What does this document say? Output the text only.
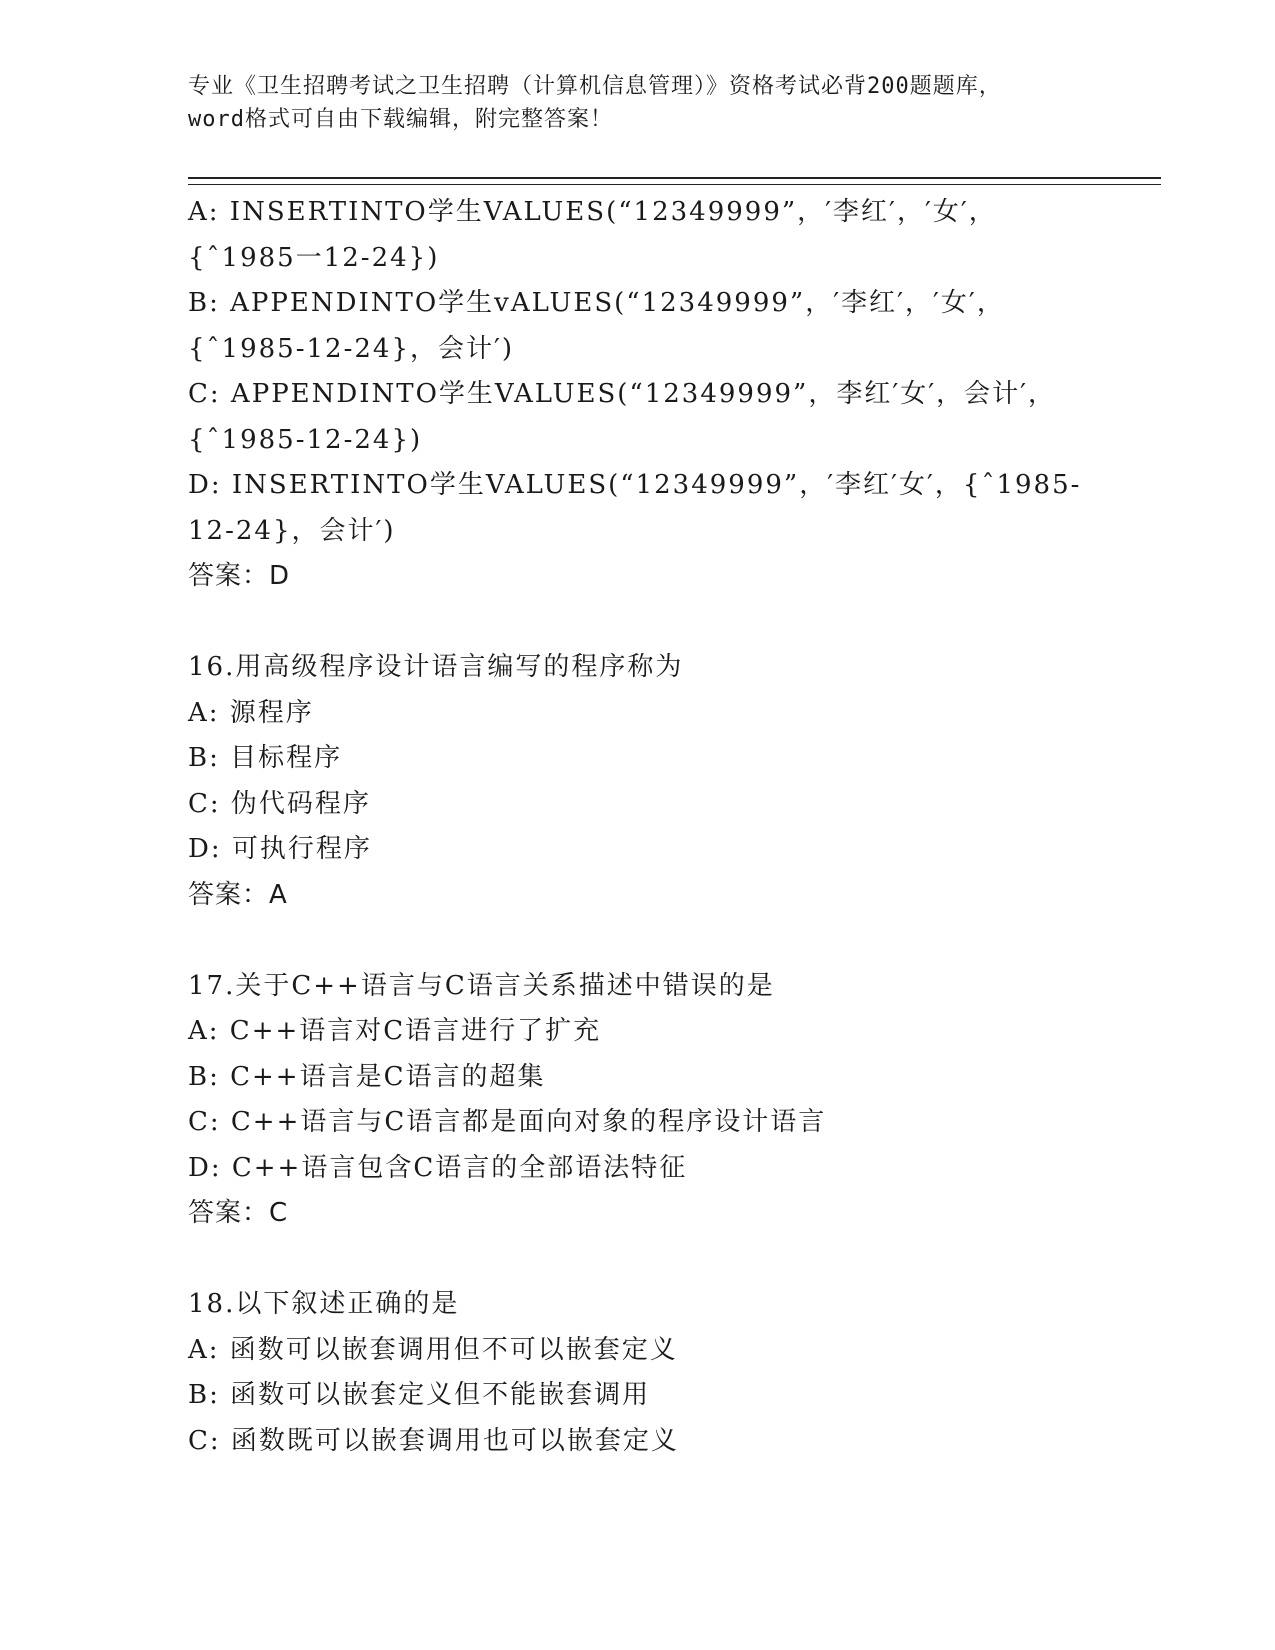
专业《卫生招聘考试之卫生招聘（计算机信息管理）》资格考试必背200题题库，
word格式可自由下载编辑，附完整答案！
A: INSERTINTO学生VALUES(“12349999”，′李红′，′女′，
{ˆ1985一12-24})
B: APPENDINTO学生vALUES(“12349999”，′李红′，′女′，
{ˆ1985-12-24}，会计′)
C: APPENDINTO学生VALUES(“12349999”，李红′女′，会计′，
{ˆ1985-12-24})
D: INSERTINTO学生VALUES(“12349999”，′李红′女′，{ˆ1985-
12-24}，会计′)
答案：D
16.用高级程序设计语言编写的程序称为
A: 源程序
B: 目标程序
C: 伪代码程序
D: 可执行程序
答案：A
17.关于C++语言与C语言关系描述中错误的是
A: C++语言对C语言进行了扩充
B: C++语言是C语言的超集
C: C++语言与C语言都是面向对象的程序设计语言
D: C++语言包含C语言的全部语法特征
答案：C
18.以下叙述正确的是
A: 函数可以嵌套调用但不可以嵌套定义
B: 函数可以嵌套定义但不能嵌套调用
C: 函数既可以嵌套调用也可以嵌套定义
